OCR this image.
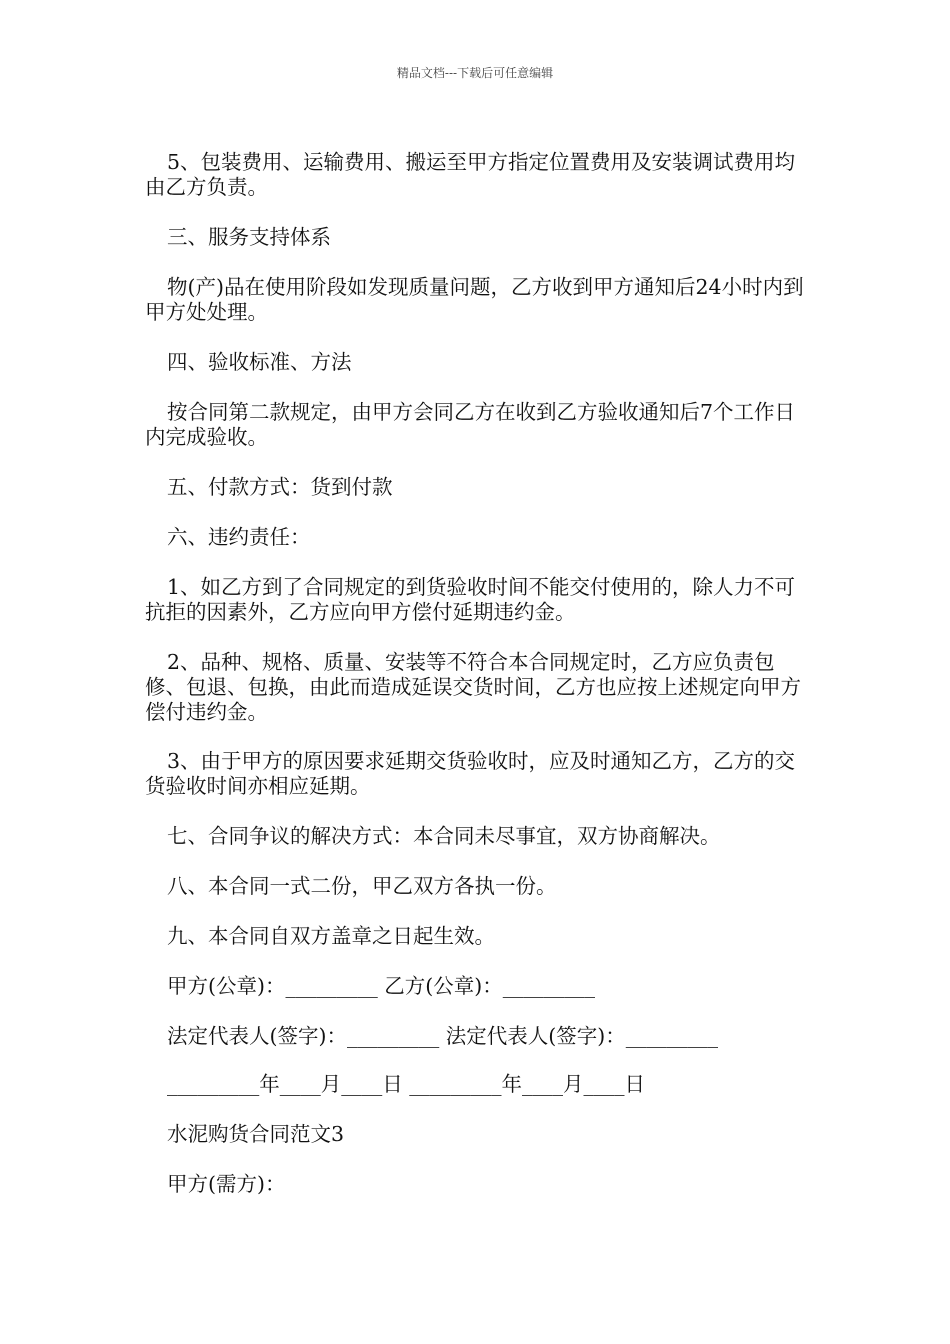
精品文档---下载后可任意编辑

5、包装费用、运输费用、搬运至甲方指定位置费用及安装调试费用均由乙方负责。

三、服务支持体系

物(产)品在使用阶段如发现质量问题，乙方收到甲方通知后24小时内到甲方处处理。

四、验收标准、方法

按合同第二款规定，由甲方会同乙方在收到乙方验收通知后7个工作日内完成验收。

五、付款方式：货到付款

六、违约责任：

1、如乙方到了合同规定的到货验收时间不能交付使用的，除人力不可抗拒的因素外，乙方应向甲方偿付延期违约金。

2、品种、规格、质量、安装等不符合本合同规定时，乙方应负责包修、包退、包换，由此而造成延误交货时间，乙方也应按上述规定向甲方偿付违约金。

3、由于甲方的原因要求延期交货验收时，应及时通知乙方，乙方的交货验收时间亦相应延期。

七、合同争议的解决方式：本合同未尽事宜，双方协商解决。

八、本合同一式二份，甲乙双方各执一份。

九、本合同自双方盖章之日起生效。

甲方(公章)：_________ 乙方(公章)：_________

法定代表人(签字)：_________ 法定代表人(签字)：_________

_________年____月____日 _________年____月____日

水泥购货合同范文3

甲方(需方)：
